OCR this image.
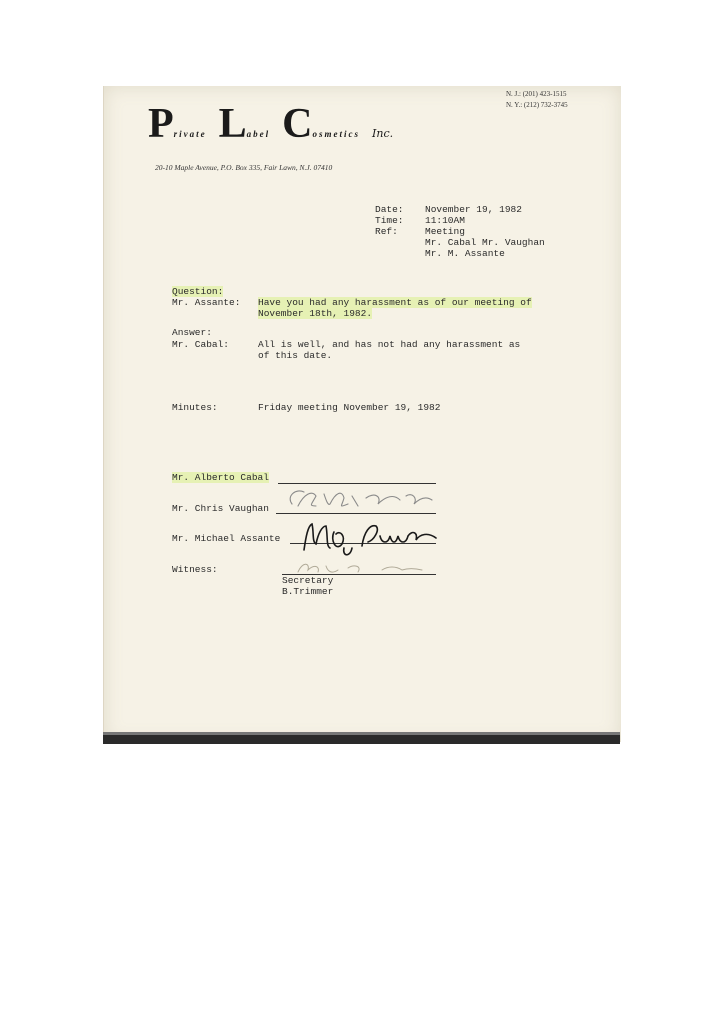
N. J.: (201) 423-1515
N. Y.: (212) 732-3745
Private Label Cosmetics Inc.
20-10 Maple Avenue, P.O. Box 335, Fair Lawn, N.J. 07410
Date:
Time:
Ref:
November 19, 1982
11:10AM
Meeting
Mr. Cabal Mr. Vaughan
Mr. M. Assante
Question:
Mr. Assante: Have you had any harassment as of our meeting of
November 18th, 1982.
Answer:
Mr. Cabal:	All is well, and has not had any harassment as
of this date.
Minutes:	Friday meeting November 19, 1982
Mr. Alberto Cabal
Mr. Chris Vaughan
Mr. Michael Assante
Witness:
Secretary
B.Trimmer
